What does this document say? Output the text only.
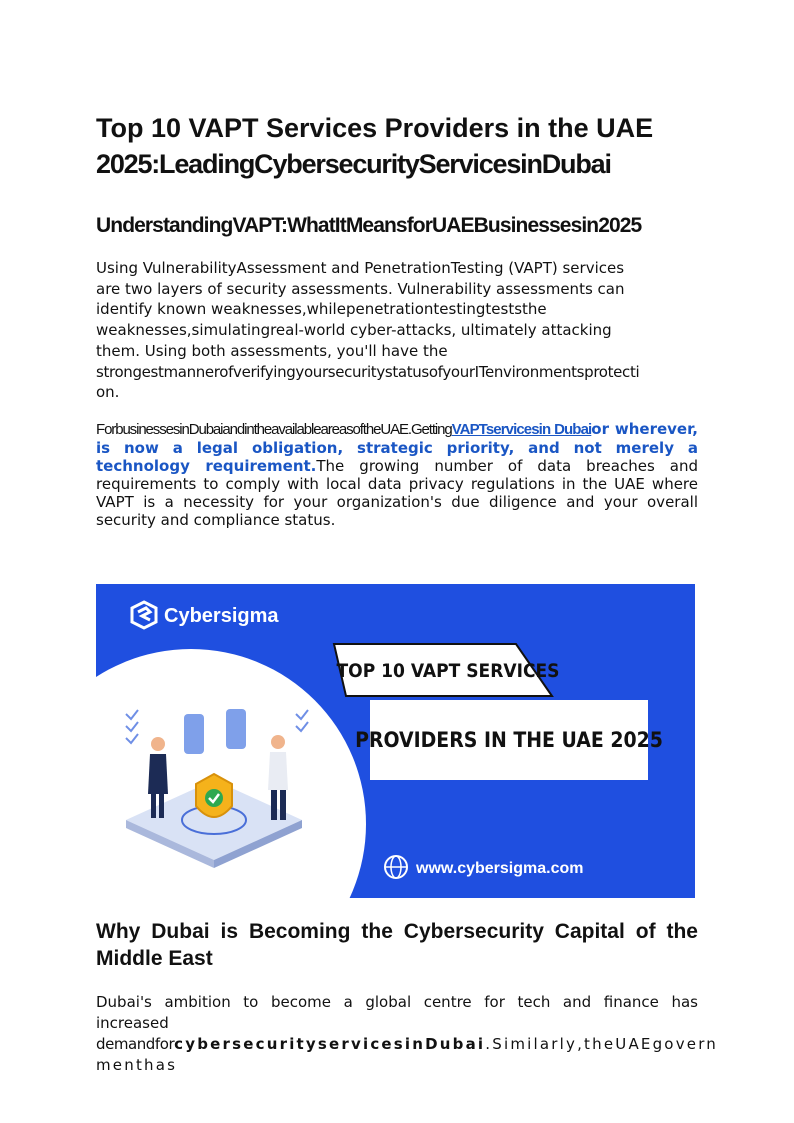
Top 10 VAPT Services Providers in the UAE
2025:LeadingCybersecurityServicesinDubai
UnderstandingVAPT:WhatItMeansforUAEBusinessesin2025
Using VulnerabilityAssessment and PenetrationTesting (VAPT) services
are two layers of security assessments. Vulnerability assessments can
identify known weaknesses,whilepenetrationtestingteststhe
weaknesses,simulatingreal-world cyber-attacks, ultimately attacking
them. Using both assessments, you'll have the
strongestmannerofverifyingyoursecuritystatusofyourITenvironmentsprotecti
on.
ForbusinessesinDubaiandintheavailableareasoftheUAE.GettingVAPTservicesin Dubaior wherever, is now a legal obligation, strategic priority, and not merely a technology requirement.The growing number of data breaches and requirements to comply with local data privacy regulations in the UAE where VAPT is a necessity for your organization's due diligence and your overall security and compliance status.
Why Dubai is Becoming the Cybersecurity Capital of the Middle East
Dubai's ambition to become a global centre for tech and finance has
increased
demandforcybersecurityservicesinDubai.Similarly,theUAEgovern
menthas
Cybersigma
TOP 10 VAPT SERVICES
PROVIDERS IN THE UAE 2025
www.cybersigma.com
